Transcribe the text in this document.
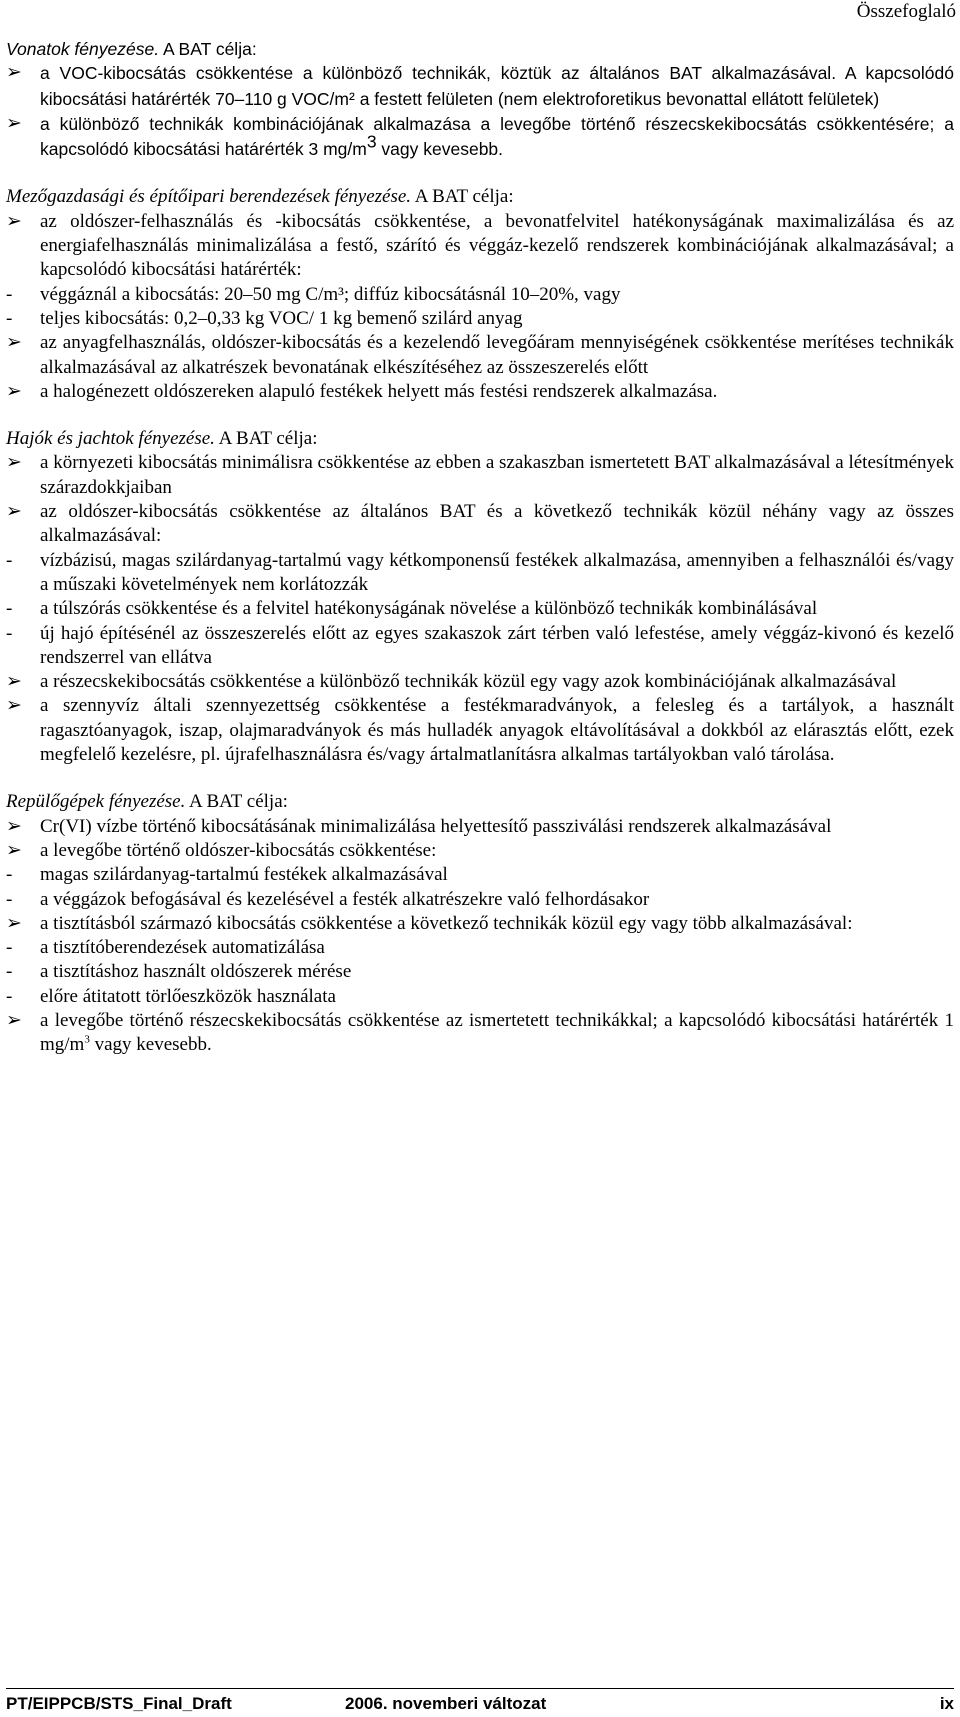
Összefoglaló

Vonatok fényezése. A BAT célja:

➢ a VOC-kibocsátás csökkentése a különböző technikák, köztük az általános BAT alkalmazásával. A kapcsolódó kibocsátási határérték 70–110 g VOC/m² a festett felületen (nem elektroforetikus bevonattal ellátott felületek)
➢ a különböző technikák kombinációjának alkalmazása a levegőbe történő részecskekibocsátás csökkentésére; a kapcsolódó kibocsátási határérték 3 $mg/m^3$ vagy kevesebb.

Mezőgazdasági és építőipari berendezések fényezése. A BAT célja:

➢ az oldószer-felhasználás és -kibocsátás csökkentése, a bevonatfelvitel hatékonyságának maximalizálása és az energiafelhasználás minimalizálása a festő, szárító és véggáz-kezelő rendszerek kombinációjának alkalmazásával; a kapcsolódó kibocsátási határérték:
- véggáznál a kibocsátás: 20–50 mg C/m³; diffúz kibocsátásnál 10–20%, vagy
- teljes kibocsátás: 0,2–0,33 kg VOC/ 1 kg bemenő szilárd anyag
➢ az anyagfelhasználás, oldószer-kibocsátás és a kezelendő levegőáram mennyiségének csökkentése merítéses technikák alkalmazásával az alkatrészek bevonatának elkészítéséhez az összeszerelés előtt
➢ a halogénezett oldószereken alapuló festékek helyett más festési rendszerek alkalmazása.

Hajók és jachtok fényezése. A BAT célja:

➢ a környezeti kibocsátás minimálisra csökkentése az ebben a szakaszban ismertetett BAT alkalmazásával a létesítmények szárazdokkjaiban
➢ az oldószer-kibocsátás csökkentése az általános BAT és a következő technikák közül néhány vagy az összes alkalmazásával:
- vízbázisú, magas szilárdanyag-tartalmú vagy kétkomponensű festékek alkalmazása, amennyiben a felhasználói és/vagy a műszaki követelmények nem korlátozzák
- a túlszórás csökkentése és a felvitel hatékonyságának növelése a különböző technikák kombinálásával
- új hajó építésénél az összeszerelés előtt az egyes szakaszok zárt térben való lefestése, amely véggáz-kivonó és kezelő rendszerrel van ellátva
➢ a részecskekibocsátás csökkentése a különböző technikák közül egy vagy azok kombinációjának alkalmazásával
➢ a szennyvíz általi szennyezettség csökkentése a festékmaradványok, a felesleg és a tartályok, a használt ragasztóanyagok, iszap, olajmaradványok és más hulladék anyagok eltávolításával a dokkból az elárasztás előtt, ezek megfelelő kezelésre, pl. újrafelhasználásra és/vagy ártalmatlanításra alkalmas tartályokban való tárolása.

Repülőgépek fényezése. A BAT célja:

➢ Cr(VI) vízbe történő kibocsátásának minimalizálása helyettesítő passziválási rendszerek alkalmazásával
➢ a levegőbe történő oldószer-kibocsátás csökkentése:
- magas szilárdanyag-tartalmú festékek alkalmazásával
- a véggázok befogásával és kezelésével a festék alkatrészekre való felhordásakor
➢ a tisztításból származó kibocsátás csökkentése a következő technikák közül egy vagy több alkalmazásával:
- a tisztítóberendezések automatizálása
- a tisztításhoz használt oldószerek mérése
- előre átitatott törlőeszközök használata
➢ a levegőbe történő részecskekibocsátás csökkentése az ismertetett technikákkal; a kapcsolódó kibocsátási határérték 1 $mg/m^3$ vagy kevesebb.
PT/EIPPCB/STS_Final_Draft	2006. novemberi változat	ix
